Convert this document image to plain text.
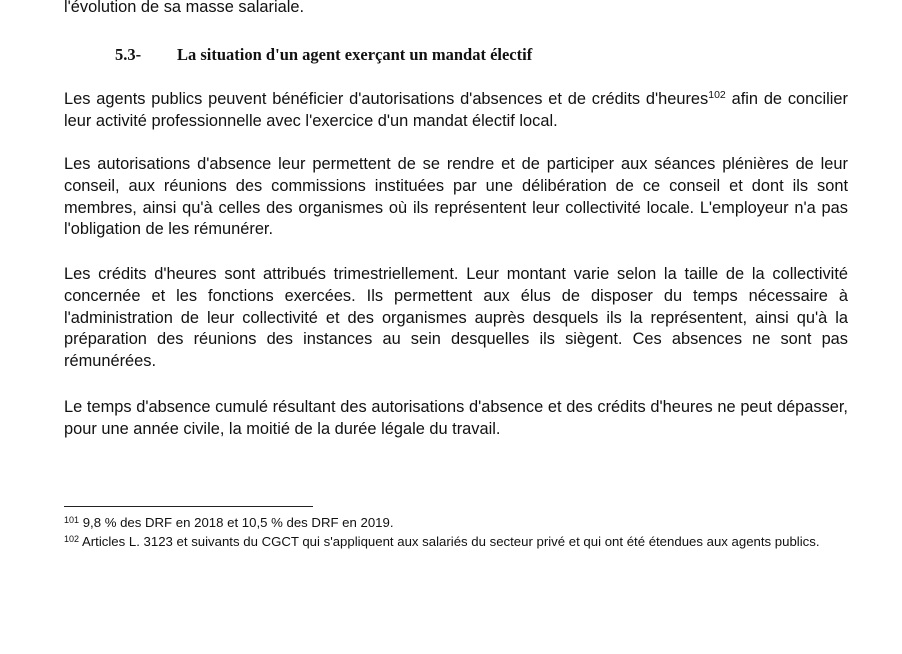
l'évolution de sa masse salariale.
5.3- La situation d'un agent exerçant un mandat électif

Les agents publics peuvent bénéficier d'autorisations d'absences et de crédits d'heures$^{102}$ afin de concilier leur activité professionnelle avec l'exercice d'un mandat électif local.

Les autorisations d'absence leur permettent de se rendre et de participer aux séances plénières de leur conseil, aux réunions des commissions instituées par une délibération de ce conseil et dont ils sont membres, ainsi qu'à celles des organismes où ils représentent leur collectivité locale. L'employeur n'a pas l'obligation de les rémunérer.

Les crédits d'heures sont attribués trimestriellement. Leur montant varie selon la taille de la collectivité concernée et les fonctions exercées. Ils permettent aux élus de disposer du temps nécessaire à l'administration de leur collectivité et des organismes auprès desquels ils la représentent, ainsi qu'à la préparation des réunions des instances au sein desquelles ils siègent. Ces absences ne sont pas rémunérées.

Le temps d'absence cumulé résultant des autorisations d'absence et des crédits d'heures ne peut dépasser, pour une année civile, la moitié de la durée légale du travail.

$^{101}$ 9,8 % des DRF en 2018 et 10,5 % des DRF en 2019.

$^{102}$ Articles L. 3123 et suivants du CGCT qui s'appliquent aux salariés du secteur privé et qui ont été étendues aux agents publics.
